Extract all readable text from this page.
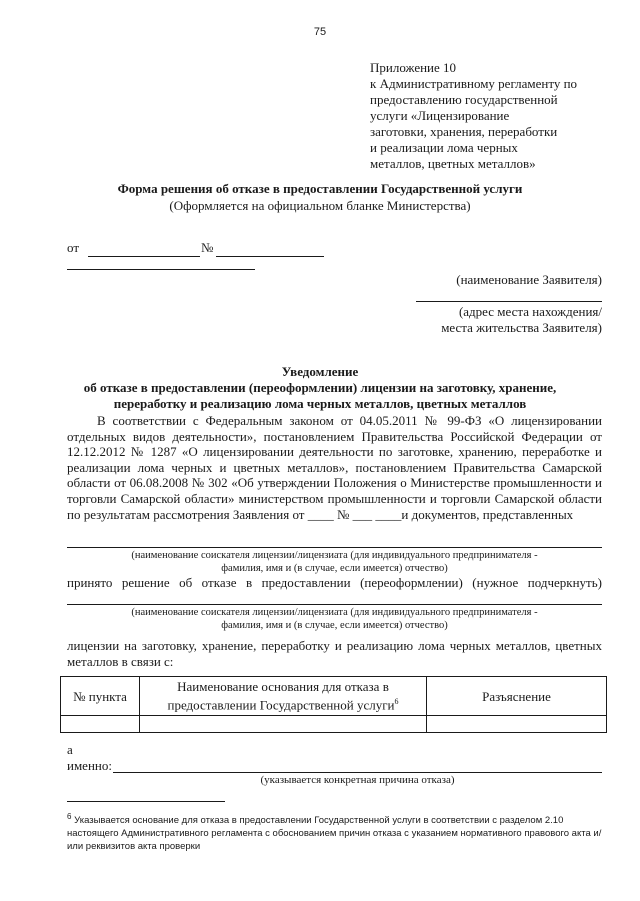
75
Приложение 10
к Административному регламенту по
предоставлению государственной
услуги «Лицензирование
заготовки, хранения, переработки
и реализации лома черных
металлов, цветных металлов»
Форма решения об отказе в предоставлении Государственной услуги
(Оформляется на официальном бланке Министерства)
от	№
(наименование Заявителя)
(адрес места нахождения/
места жительства Заявителя)
Уведомление
об отказе в предоставлении (переоформлении) лицензии на заготовку, хранение,
переработку и реализацию лома черных металлов, цветных металлов
В соответствии с Федеральным законом от 04.05.2011 № 99-ФЗ «О лицензировании отдельных видов деятельности», постановлением Правительства Российской Федерации от 12.12.2012 № 1287 «О лицензировании деятельности по заготовке, хранению, переработке и реализации лома черных и цветных металлов», постановлением Правительства Самарской области от 06.08.2008 № 302 «Об утверждении Положения о Министерстве промышленности и торговли Самарской области» министерством промышленности и торговли Самарской области по результатам рассмотрения Заявления от ____ № ___ ____и документов, представленных
(наименование соискателя лицензии/лицензиата (для индивидуального предпринимателя -
фамилия, имя и (в случае, если имеется) отчество)
принято решение об отказе в предоставлении (переоформлении) (нужное подчеркнуть)
(наименование соискателя лицензии/лицензиата (для индивидуального предпринимателя -
фамилия, имя и (в случае, если имеется) отчество)
лицензии на заготовку, хранение, переработку и реализацию лома черных металлов, цветных металлов в связи с:
№ пункта	Наименование основания для отказа в
предоставлении Государственной услуги$^6$	Разъяснение

а
именно:
(указывается конкретная причина отказа)
$^6$ Указывается основание для отказа в предоставлении Государственной услуги в соответствии с разделом 2.10 настоящего Административного регламента с обоснованием причин отказа с указанием нормативного правового акта и/или реквизитов акта проверки
